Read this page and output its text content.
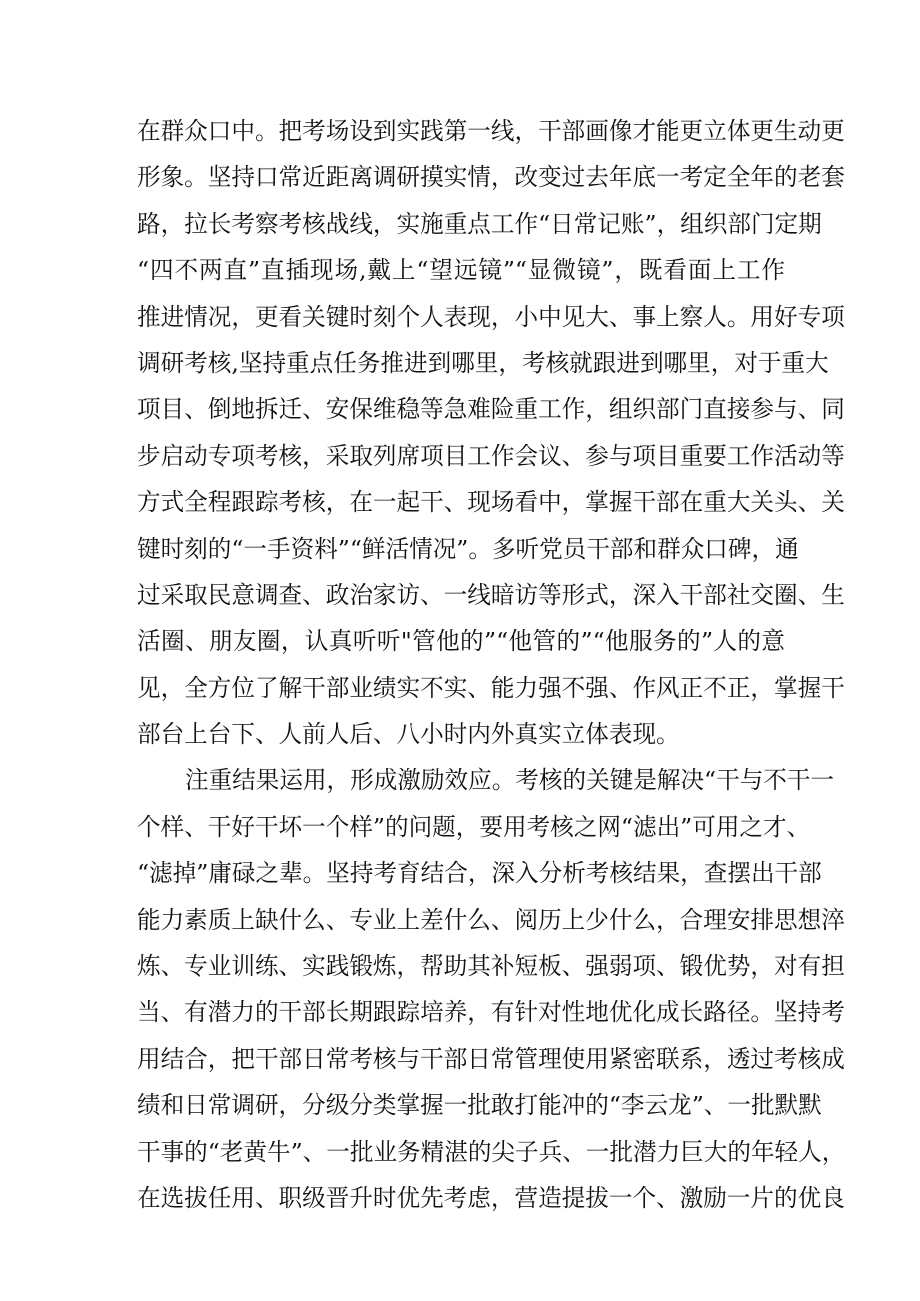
在群众口中。把考场设到实践第一线，干部画像才能更立体更生动更
形象。坚持口常近距离调研摸实情，改变过去年底一考定全年的老套
路，拉长考察考核战线，实施重点工作“日常记账”，组织部门定期
“四不两直”直插现场,戴上“望远镜”“显微镜”，既看面上工作
推进情况，更看关键时刻个人表现，小中见大、事上察人。用好专项
调研考核,坚持重点任务推进到哪里，考核就跟进到哪里，对于重大
项目、倒地拆迁、安保维稳等急难险重工作，组织部门直接参与、同
步启动专项考核，采取列席项目工作会议、参与项目重要工作活动等
方式全程跟踪考核，在一起干、现场看中，掌握干部在重大关头、关
键时刻的“一手资料”“鲜活情况”。多听党员干部和群众口碑，通
过采取民意调查、政治家访、一线暗访等形式，深入干部社交圈、生
活圈、朋友圈，认真听听"管他的”“他管的”“他服务的”人的意
见，全方位了解干部业绩实不实、能力强不强、作风正不正，掌握干
部台上台下、人前人后、八小时内外真实立体表现。
注重结果运用，形成激励效应。考核的关键是解决“干与不干一
个样、干好干坏一个样”的问题，要用考核之网“滤出”可用之才、
“滤掉”庸碌之辈。坚持考育结合，深入分析考核结果，查摆出干部
能力素质上缺什么、专业上差什么、阅历上少什么，合理安排思想淬
炼、专业训练、实践锻炼，帮助其补短板、强弱项、锻优势，对有担
当、有潜力的干部长期跟踪培养，有针对性地优化成长路径。坚持考
用结合，把干部日常考核与干部日常管理使用紧密联系，透过考核成
绩和日常调研，分级分类掌握一批敢打能冲的“李云龙”、一批默默
干事的“老黄牛”、一批业务精湛的尖子兵、一批潜力巨大的年轻人，
在选拔任用、职级晋升时优先考虑，营造提拔一个、激励一片的优良
